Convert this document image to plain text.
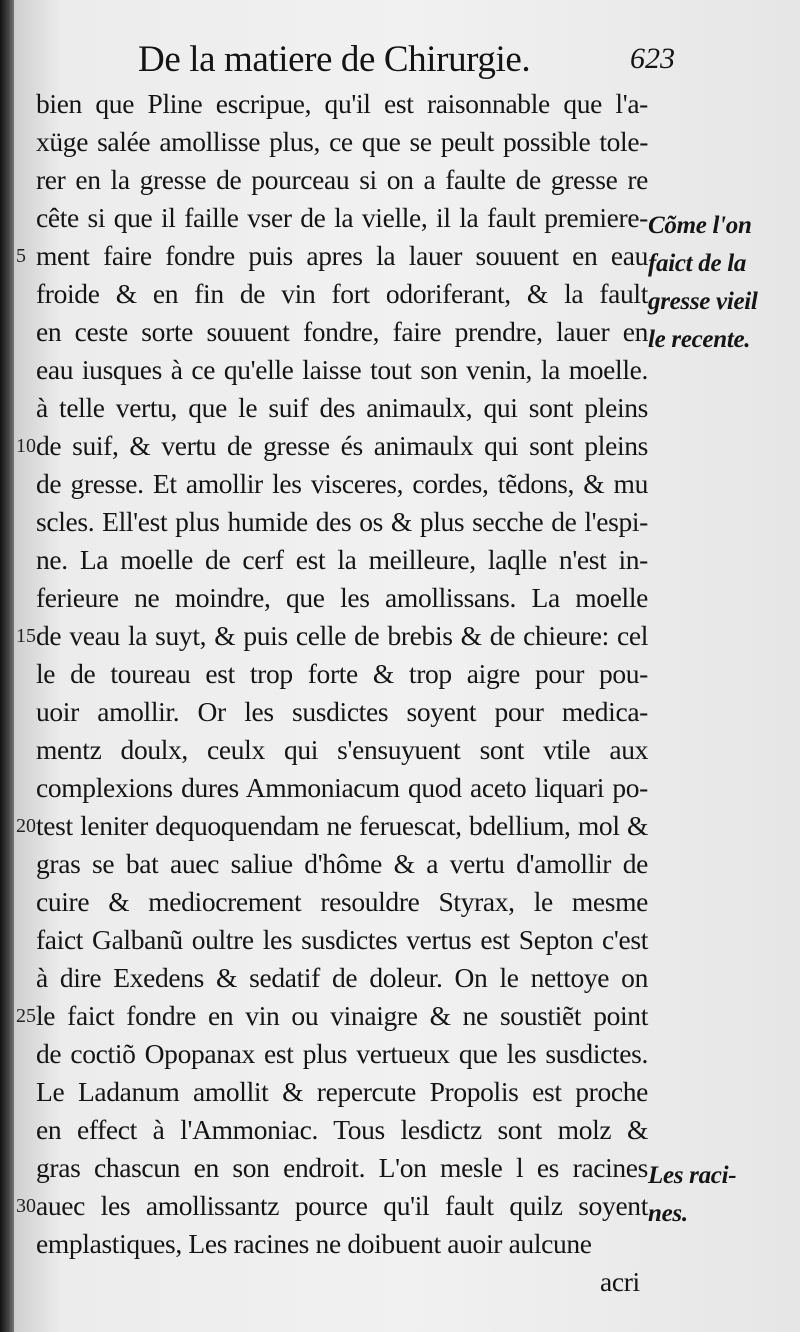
De la matiere de Chirurgie.	623
bien que Pline escripue, qu'il est raisonnable que l'a-
xüge salée amollisse plus, ce que se peult possible tole-
rer en la gresse de pourceau si on a faulte de gresse re
cête si que il faille vser de la vielle, il la fault premiere-
ment faire fondre puis apres la lauer souuent en eau
froide & en fin de vin fort odoriferant, & la fault
en ceste sorte souuent fondre, faire prendre, lauer en
eau iusques à ce qu'elle laisse tout son venin, la moelle.
à telle vertu, que le suif des animaulx, qui sont pleins
de suif, & vertu de gresse és animaulx qui sont pleins
de gresse. Et amollir les visceres, cordes, tẽdons, & mu
scles. Ell'est plus humide des os & plus secche de l'espi-
ne. La moelle de cerf est la meilleure, laqlle n'est in-
ferieure ne moindre, que les amollissans. La moelle
de veau la suyt, & puis celle de brebis & de chieure: cel
le de toureau est trop forte & trop aigre pour pou-
uoir amollir. Or les susdictes soyent pour medica-
mentz doulx, ceulx qui s'ensuyuent sont vtile aux
complexions dures Ammoniacum quod aceto liquari po-
test leniter dequoquendam ne feruescat, bdellium, mol &
gras se bat auec saliue d'hôme & a vertu d'amollir de
cuire & mediocrement resouldre Styrax, le mesme
faict Galbanũ oultre les susdictes vertus est Septon c'est
à dire Exedens & sedatif de doleur. On le nettoye on
le faict fondre en vin ou vinaigre & ne soustiẽt point
de coctiõ Opopanax est plus vertueux que les susdictes.
Le Ladanum amollit & repercute Propolis est proche
en effect à l'Ammoniac. Tous lesdictz sont molz &
gras chascun en son endroit. L'on mesle l es racines
auec les amollissantz pource qu'il fault quilz soyent
emplastiques, Les racines ne doibuent auoir aulcune
acri
5
10
15
20
25
30
Cõme l'on
faict de la
gresse vieil
le recente.
Les raci-
nes.
